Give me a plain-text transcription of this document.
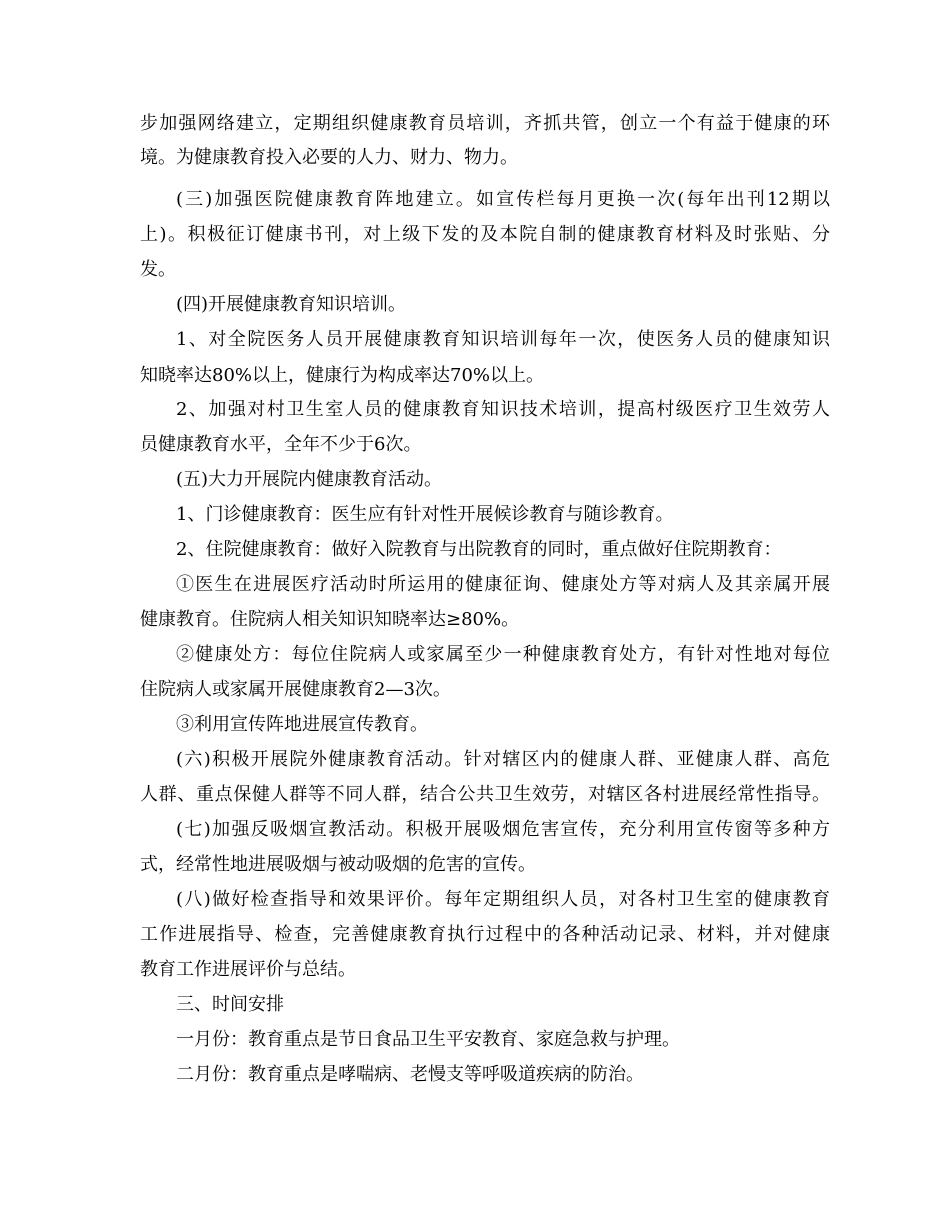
步加强网络建立，定期组织健康教育员培训，齐抓共管，创立一个有益于健康的环
境。为健康教育投入必要的人力、财力、物力。
(三)加强医院健康教育阵地建立。如宣传栏每月更换一次(每年出刊12期以
上)。积极征订健康书刊，对上级下发的及本院自制的健康教育材料及时张贴、分
发。
(四)开展健康教育知识培训。
1、对全院医务人员开展健康教育知识培训每年一次，使医务人员的健康知识
知晓率达80%以上，健康行为构成率达70%以上。
2、加强对村卫生室人员的健康教育知识技术培训，提高村级医疗卫生效劳人
员健康教育水平，全年不少于6次。
(五)大力开展院内健康教育活动。
1、门诊健康教育：医生应有针对性开展候诊教育与随诊教育。
2、住院健康教育：做好入院教育与出院教育的同时，重点做好住院期教育：
①医生在进展医疗活动时所运用的健康征询、健康处方等对病人及其亲属开展
健康教育。住院病人相关知识知晓率达≥80%。
②健康处方：每位住院病人或家属至少一种健康教育处方，有针对性地对每位
住院病人或家属开展健康教育2—3次。
③利用宣传阵地进展宣传教育。
(六)积极开展院外健康教育活动。针对辖区内的健康人群、亚健康人群、高危
人群、重点保健人群等不同人群，结合公共卫生效劳，对辖区各村进展经常性指导。
(七)加强反吸烟宣教活动。积极开展吸烟危害宣传，充分利用宣传窗等多种方
式，经常性地进展吸烟与被动吸烟的危害的宣传。
(八)做好检查指导和效果评价。每年定期组织人员，对各村卫生室的健康教育
工作进展指导、检查，完善健康教育执行过程中的各种活动记录、材料，并对健康
教育工作进展评价与总结。
三、时间安排
一月份：教育重点是节日食品卫生平安教育、家庭急救与护理。
二月份：教育重点是哮喘病、老慢支等呼吸道疾病的防治。
